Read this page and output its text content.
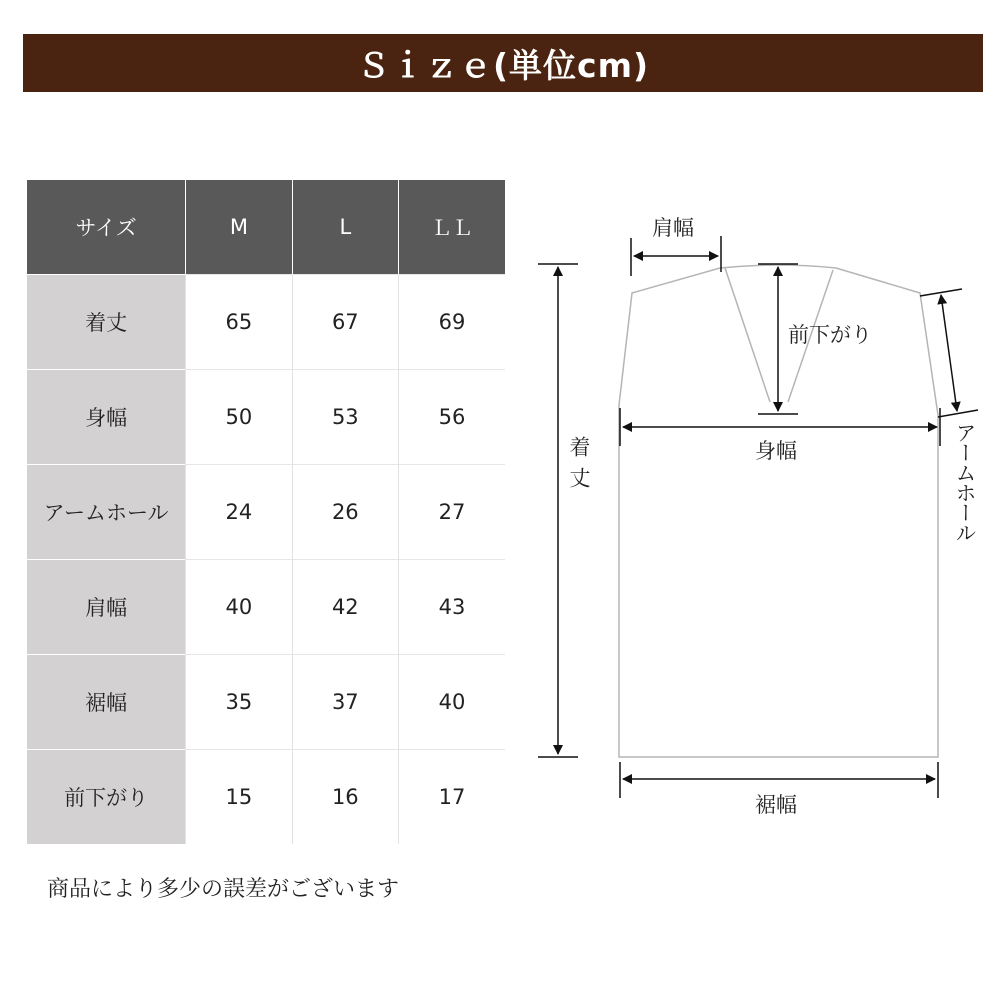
Ｓｉｚｅ(単位cm)
サイズ	M	L	ＬＬ
着丈	65	67	69
身幅	50	53	56
アームホール	24	26	27
肩幅	40	42	43
裾幅	35	37	40
前下がり	15	16	17
肩幅
前下がり
着丈	身幅	アームホール
裾幅
商品により多少の誤差がございます
